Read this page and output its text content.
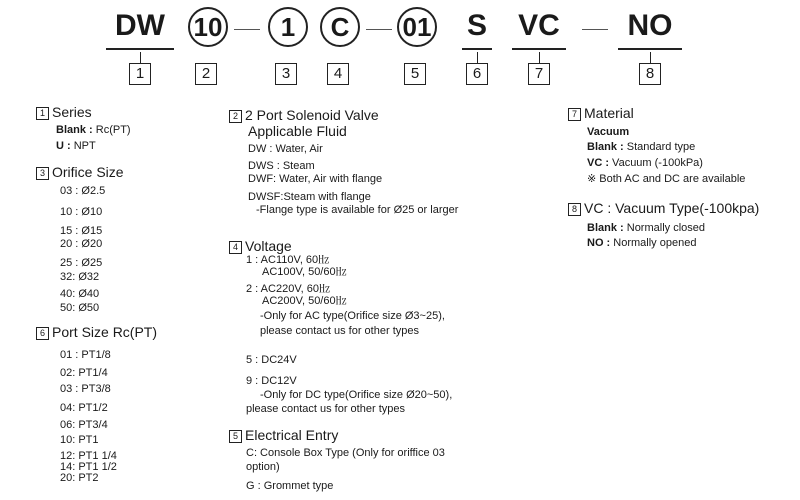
DW 10	1	C	01 S VC NO
1	2	3	4	5	6	7	8
1 Series
Blank : Rc(PT)
U : NPT
3 Orifice Size
03 : Ø2.5
10 : Ø10
15 : Ø15
20 : Ø20
25 : Ø25
32: Ø32
40: Ø40
50: Ø50
6 Port Size Rc(PT)
01 : PT1/8
02: PT1/4
03 : PT3/8
04: PT1/2
06: PT3/4
10: PT1
12: PT1 1/4
14: PT1 1/2
20: PT2
2 2 Port Solenoid Valve
Applicable Fluid
DW : Water, Air
DWS : Steam
DWF: Water, Air with flange
DWSF:Steam with flange
-Flange type is available for Ø25 or larger
4 Voltage
1 : AC110V, 60㎐
AC100V, 50/60㎐
2 : AC220V, 60㎐
AC200V, 50/60㎐
-Only for AC type(Orifice size Ø3~25),
please contact us for other types
5 : DC24V
9 : DC12V
-Only for DC type(Orifice size Ø20~50),
please contact us for other types
5 Electrical Entry
C: Console Box Type (Only for oriffice 03
option)
G : Grommet type
7 Material
Vacuum
Blank : Standard type
VC : Vacuum (-100kPa)
※ Both AC and DC are available
8 VC : Vacuum Type(-100kpa)
Blank : Normally closed
NO : Normally opened
